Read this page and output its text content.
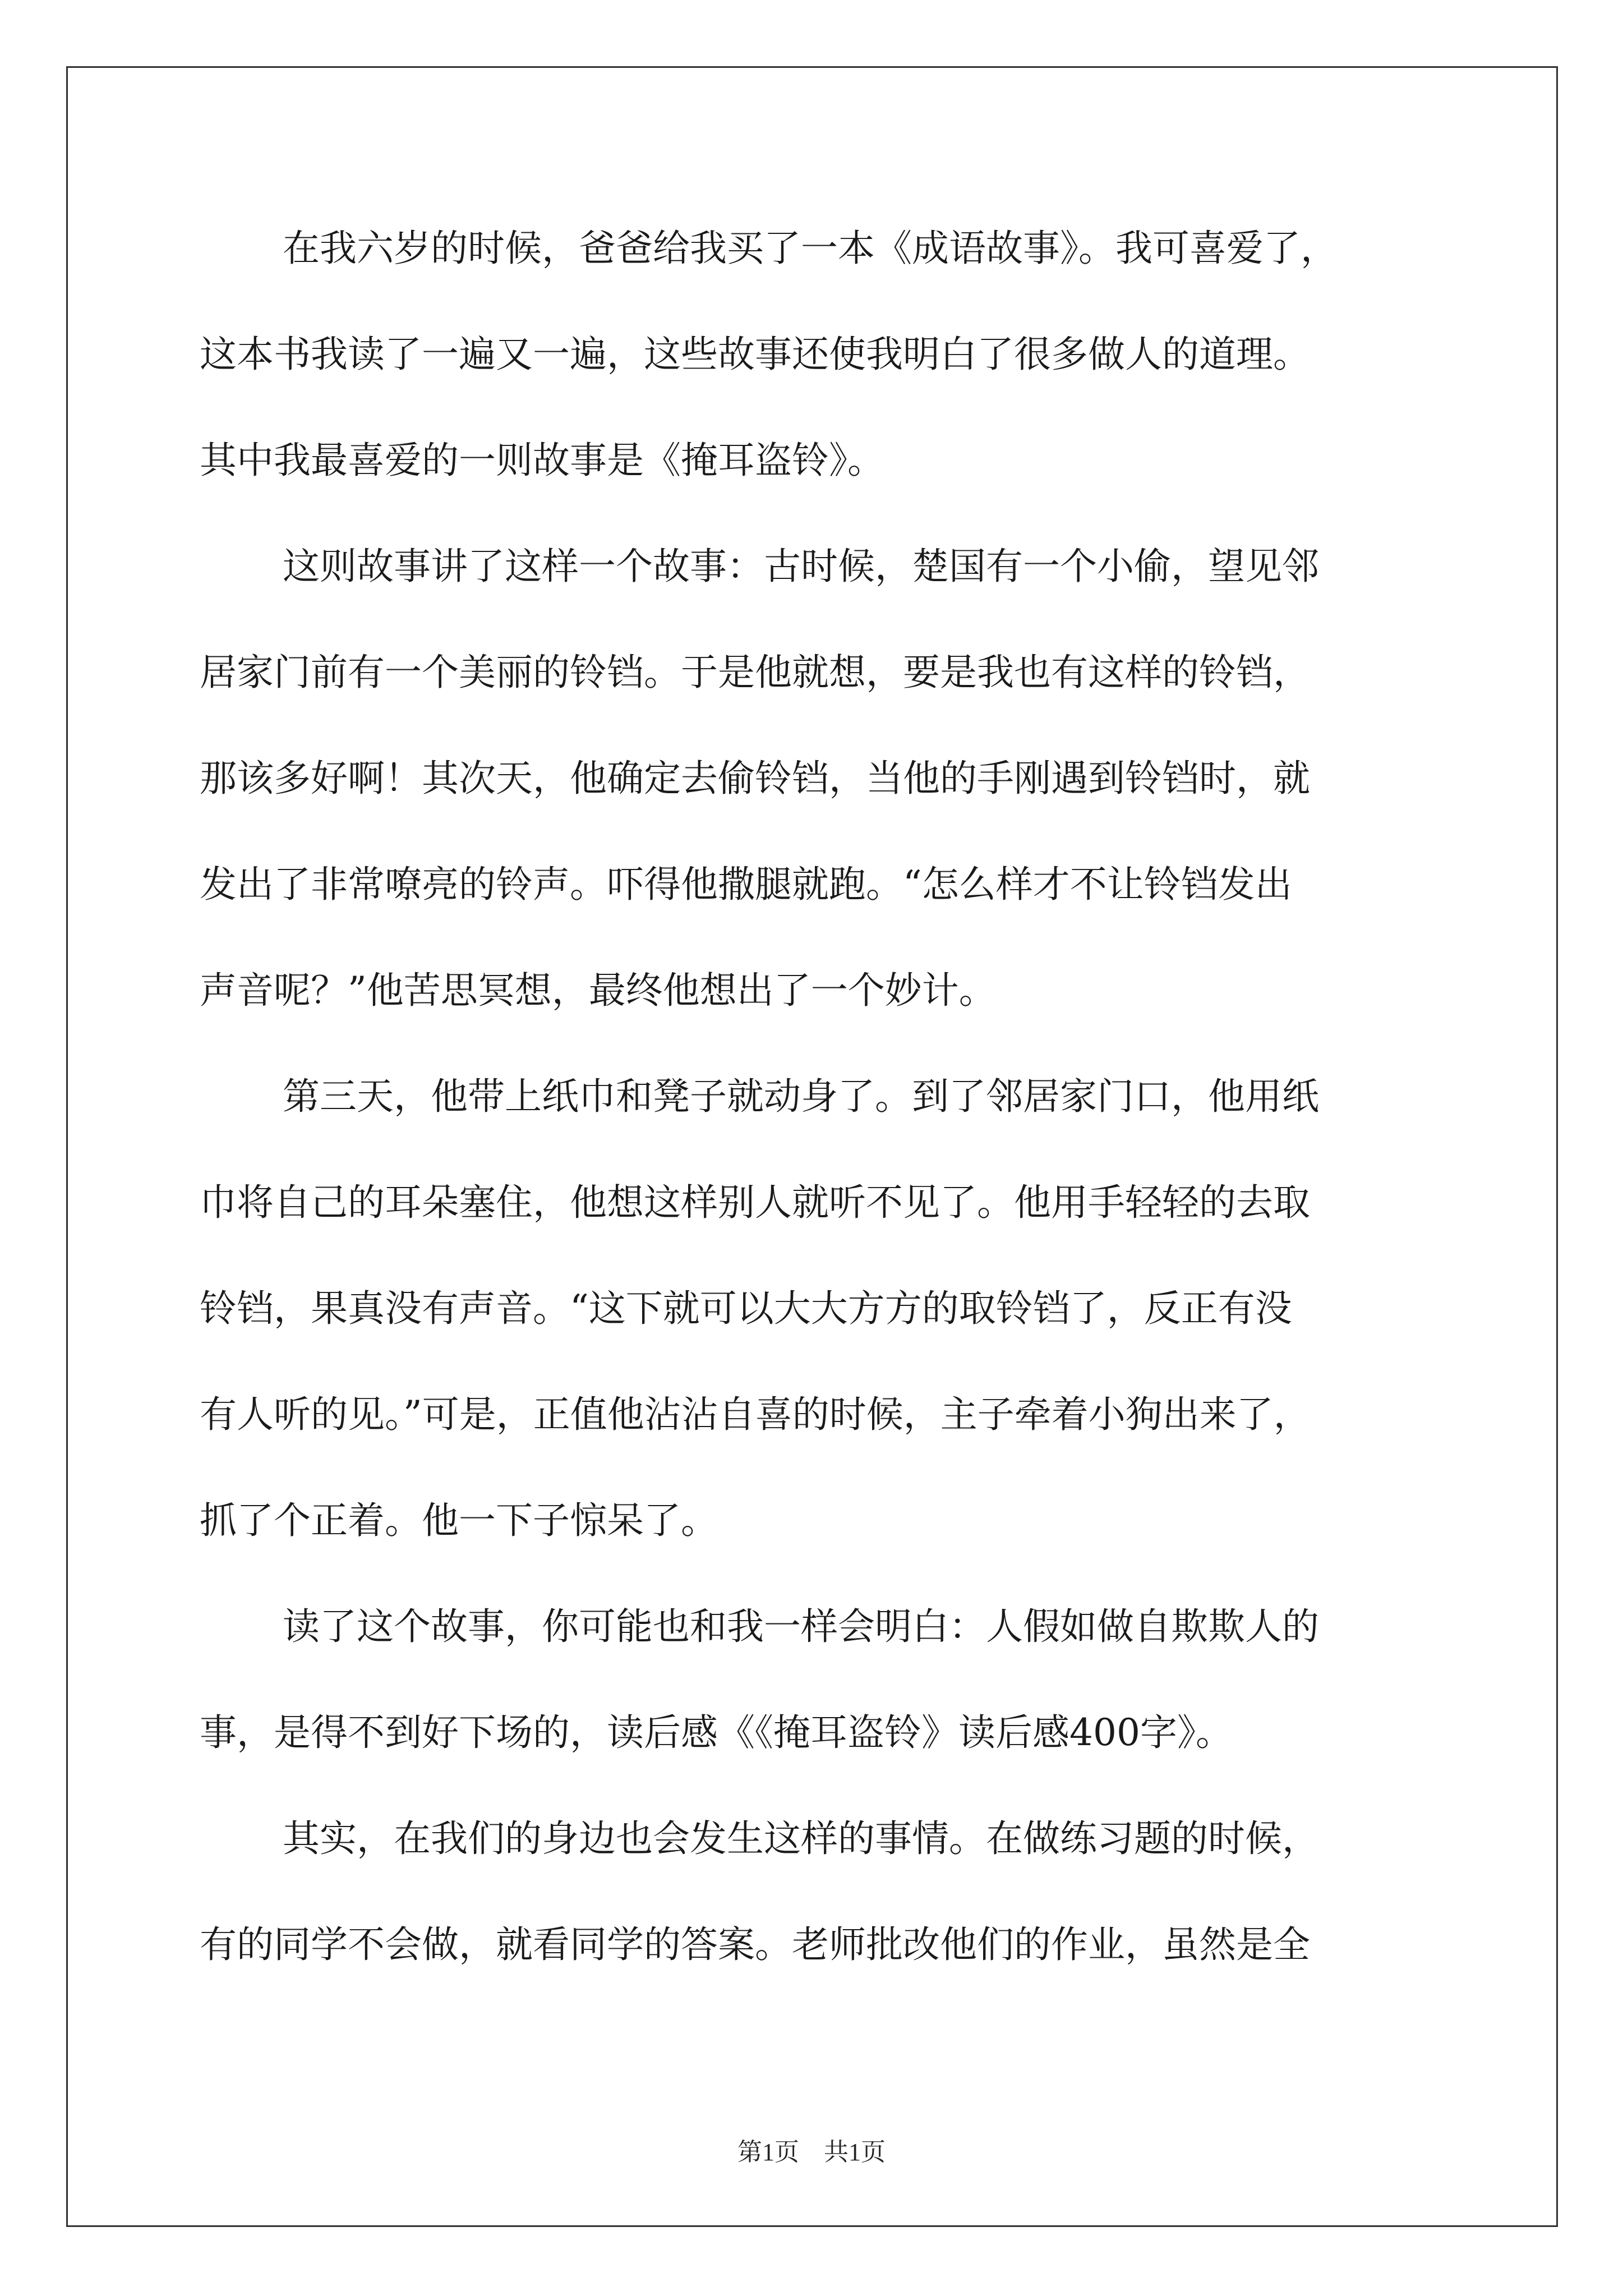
在我六岁的时候，爸爸给我买了一本《成语故事》。我可喜爱了，
这本书我读了一遍又一遍，这些故事还使我明白了很多做人的道理。
其中我最喜爱的一则故事是《掩耳盗铃》。
这则故事讲了这样一个故事：古时候，楚国有一个小偷，望见邻
居家门前有一个美丽的铃铛。于是他就想，要是我也有这样的铃铛，
那该多好啊！其次天，他确定去偷铃铛，当他的手刚遇到铃铛时，就
发出了非常嘹亮的铃声。吓得他撒腿就跑。“怎么样才不让铃铛发出
声音呢？”他苦思冥想，最终他想出了一个妙计。
第三天，他带上纸巾和凳子就动身了。到了邻居家门口，他用纸
巾将自己的耳朵塞住，他想这样别人就听不见了。他用手轻轻的去取
铃铛，果真没有声音。“这下就可以大大方方的取铃铛了，反正有没
有人听的见。”可是，正值他沾沾自喜的时候，主子牵着小狗出来了，
抓了个正着。他一下子惊呆了。
读了这个故事，你可能也和我一样会明白：人假如做自欺欺人的
事，是得不到好下场的，读后感《《掩耳盗铃》读后感400字》。
其实，在我们的身边也会发生这样的事情。在做练习题的时候，
有的同学不会做，就看同学的答案。老师批改他们的作业，虽然是全
第1页　共1页
